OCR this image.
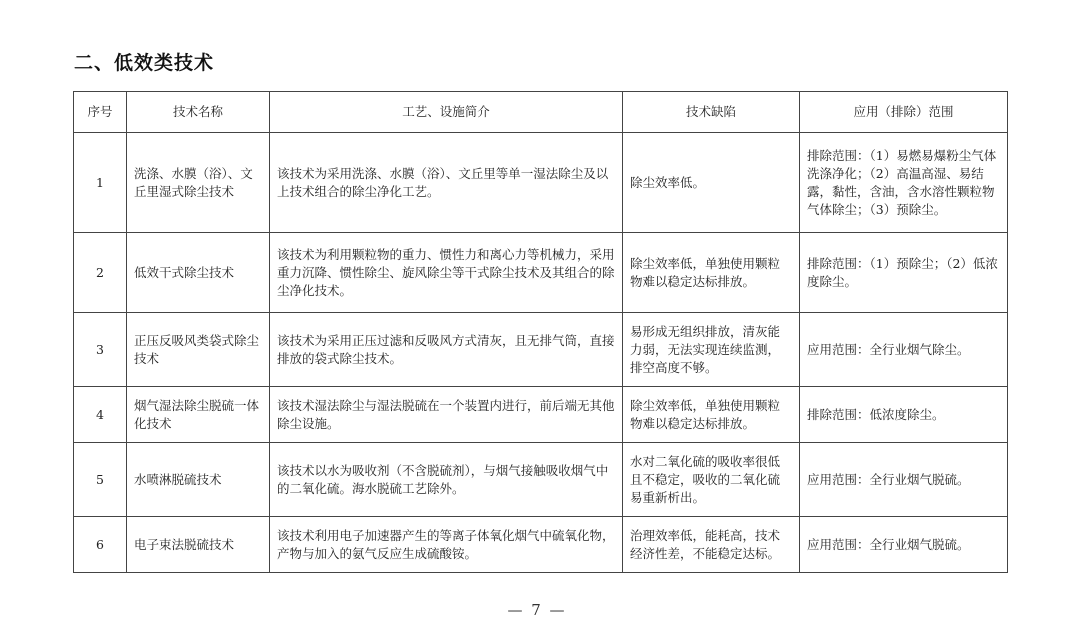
二、低效类技术
序号	技术名称	工艺、设施简介	技术缺陷	应用（排除）范围
1	洗涤、水膜（浴）、文丘里湿式除尘技术	该技术为采用洗涤、水膜（浴）、文丘里等单一湿法除尘及以上技术组合的除尘净化工艺。	除尘效率低。	排除范围：（1）易燃易爆粉尘气体洗涤净化；（2）高温高湿、易结露，黏性，含油，含水溶性颗粒物气体除尘；（3）预除尘。
2	低效干式除尘技术	该技术为利用颗粒物的重力、惯性力和离心力等机械力，采用重力沉降、惯性除尘、旋风除尘等干式除尘技术及其组合的除尘净化技术。	除尘效率低，单独使用颗粒物难以稳定达标排放。	排除范围：（1）预除尘；（2）低浓度除尘。
3	正压反吸风类袋式除尘技术	该技术为采用正压过滤和反吸风方式清灰，且无排气筒，直接排放的袋式除尘技术。	易形成无组织排放，清灰能力弱，无法实现连续监测，排空高度不够。	应用范围：全行业烟气除尘。
4	烟气湿法除尘脱硫一体化技术	该技术湿法除尘与湿法脱硫在一个装置内进行，前后端无其他除尘设施。	除尘效率低，单独使用颗粒物难以稳定达标排放。	排除范围：低浓度除尘。
5	水喷淋脱硫技术	该技术以水为吸收剂（不含脱硫剂），与烟气接触吸收烟气中的二氧化硫。海水脱硫工艺除外。	水对二氧化硫的吸收率很低且不稳定，吸收的二氧化硫易重新析出。	应用范围：全行业烟气脱硫。
6	电子束法脱硫技术	该技术利用电子加速器产生的等离子体氧化烟气中硫氧化物，产物与加入的氨气反应生成硫酸铵。	治理效率低，能耗高，技术经济性差，不能稳定达标。	应用范围：全行业烟气脱硫。
— 7 —
